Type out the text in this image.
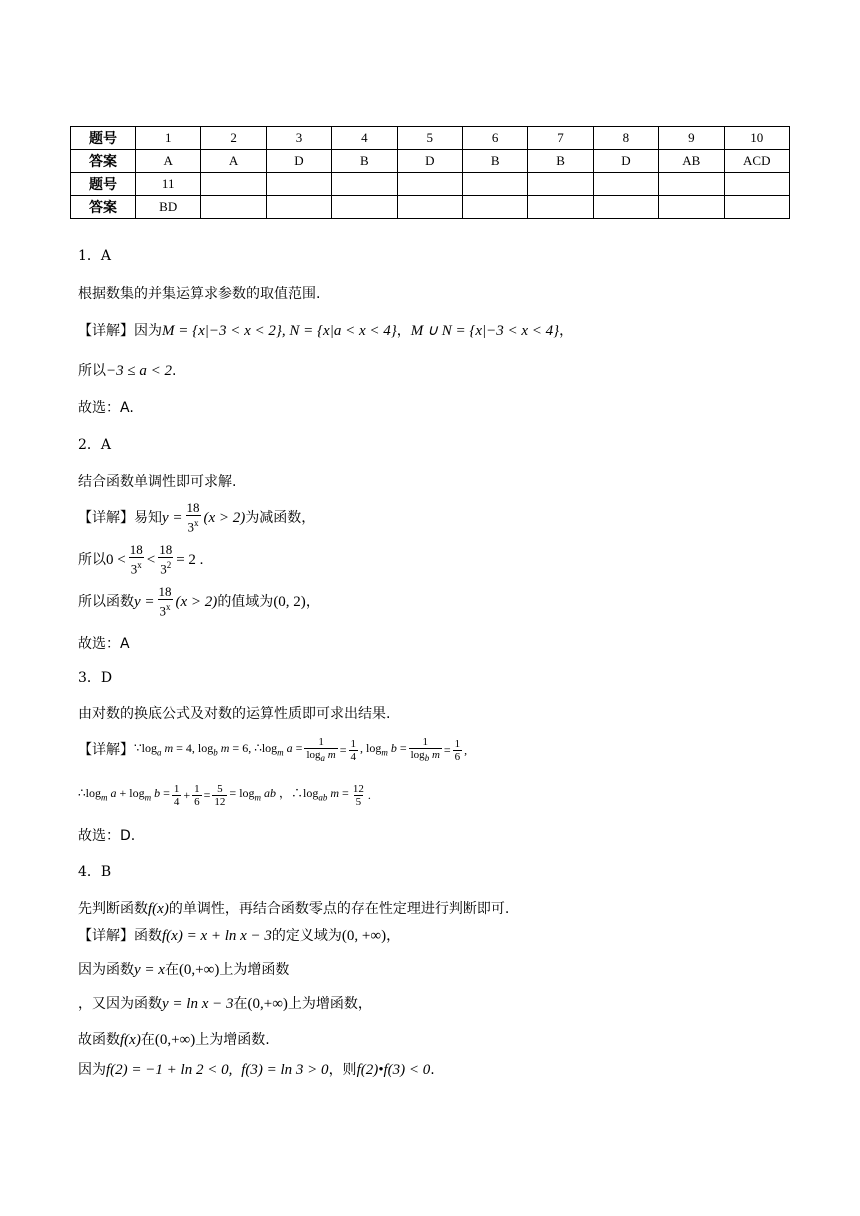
题号	1	2	3	4	5	6	7	8	9	10
答案	A	A	D	B	D	B	B	D	AB	ACD
题号	11									
答案	BD									
1．A
根据数集的并集运算求参数的取值范围.
【详解】 因为 M = {x|−3 < x < 2}, N = {x|a < x < 4} ， M ∪ N = {x|−3 < x < 4} ，
所以 −3 ≤ a < 2 .
故选：A.
2．A
结合函数单调性即可求解.
【详解】 易知 $y = \frac{18}{3^x} (x > 2)$ 为减函数，
所以 $0 < \frac{18}{3^x} < \frac{18}{3^2} = 2$ .
所以函数 $y = \frac{18}{3^x} (x > 2)$ 的值域为 (0, 2) ，
故选：A
3．D
由对数的换底公式及对数的运算性质即可求出结果.
【详解】 $\because\log_a$ m = 4, $\log_b m = 6$, $\therefore\log_m$ $a = \frac{1}{\log_a m} = \frac{1}{4}$ , $\log_m b = \frac{1}{\log_b m} = \frac{1}{6}$ ,
$\therefore\log_m$ $a + \log_m b = \frac{1}{4} + \frac{1}{6} = \frac{5}{12} = \log_m$ ab ，$\therefore\log_{ab}$ $m = \frac{12}{5}$ .
故选：D.
4．B
先判断函数 f(x) 的单调性，再结合函数零点的存在性定理进行判断即可.
【详解】 函数 f(x) = x + ln x − 3 的定义域为 (0, +∞) ，
因为函数 y = x 在 (0,+∞) 上为增函数
，又因为函数 y = ln x − 3 在 (0,+∞) 上为增函数，
故函数 f(x) 在 (0,+∞) 上为增函数.
因为 f(2) = −1 + ln 2 < 0,
f(3) = ln 3 > 0 ，则 f(2)•f(3) < 0 .
